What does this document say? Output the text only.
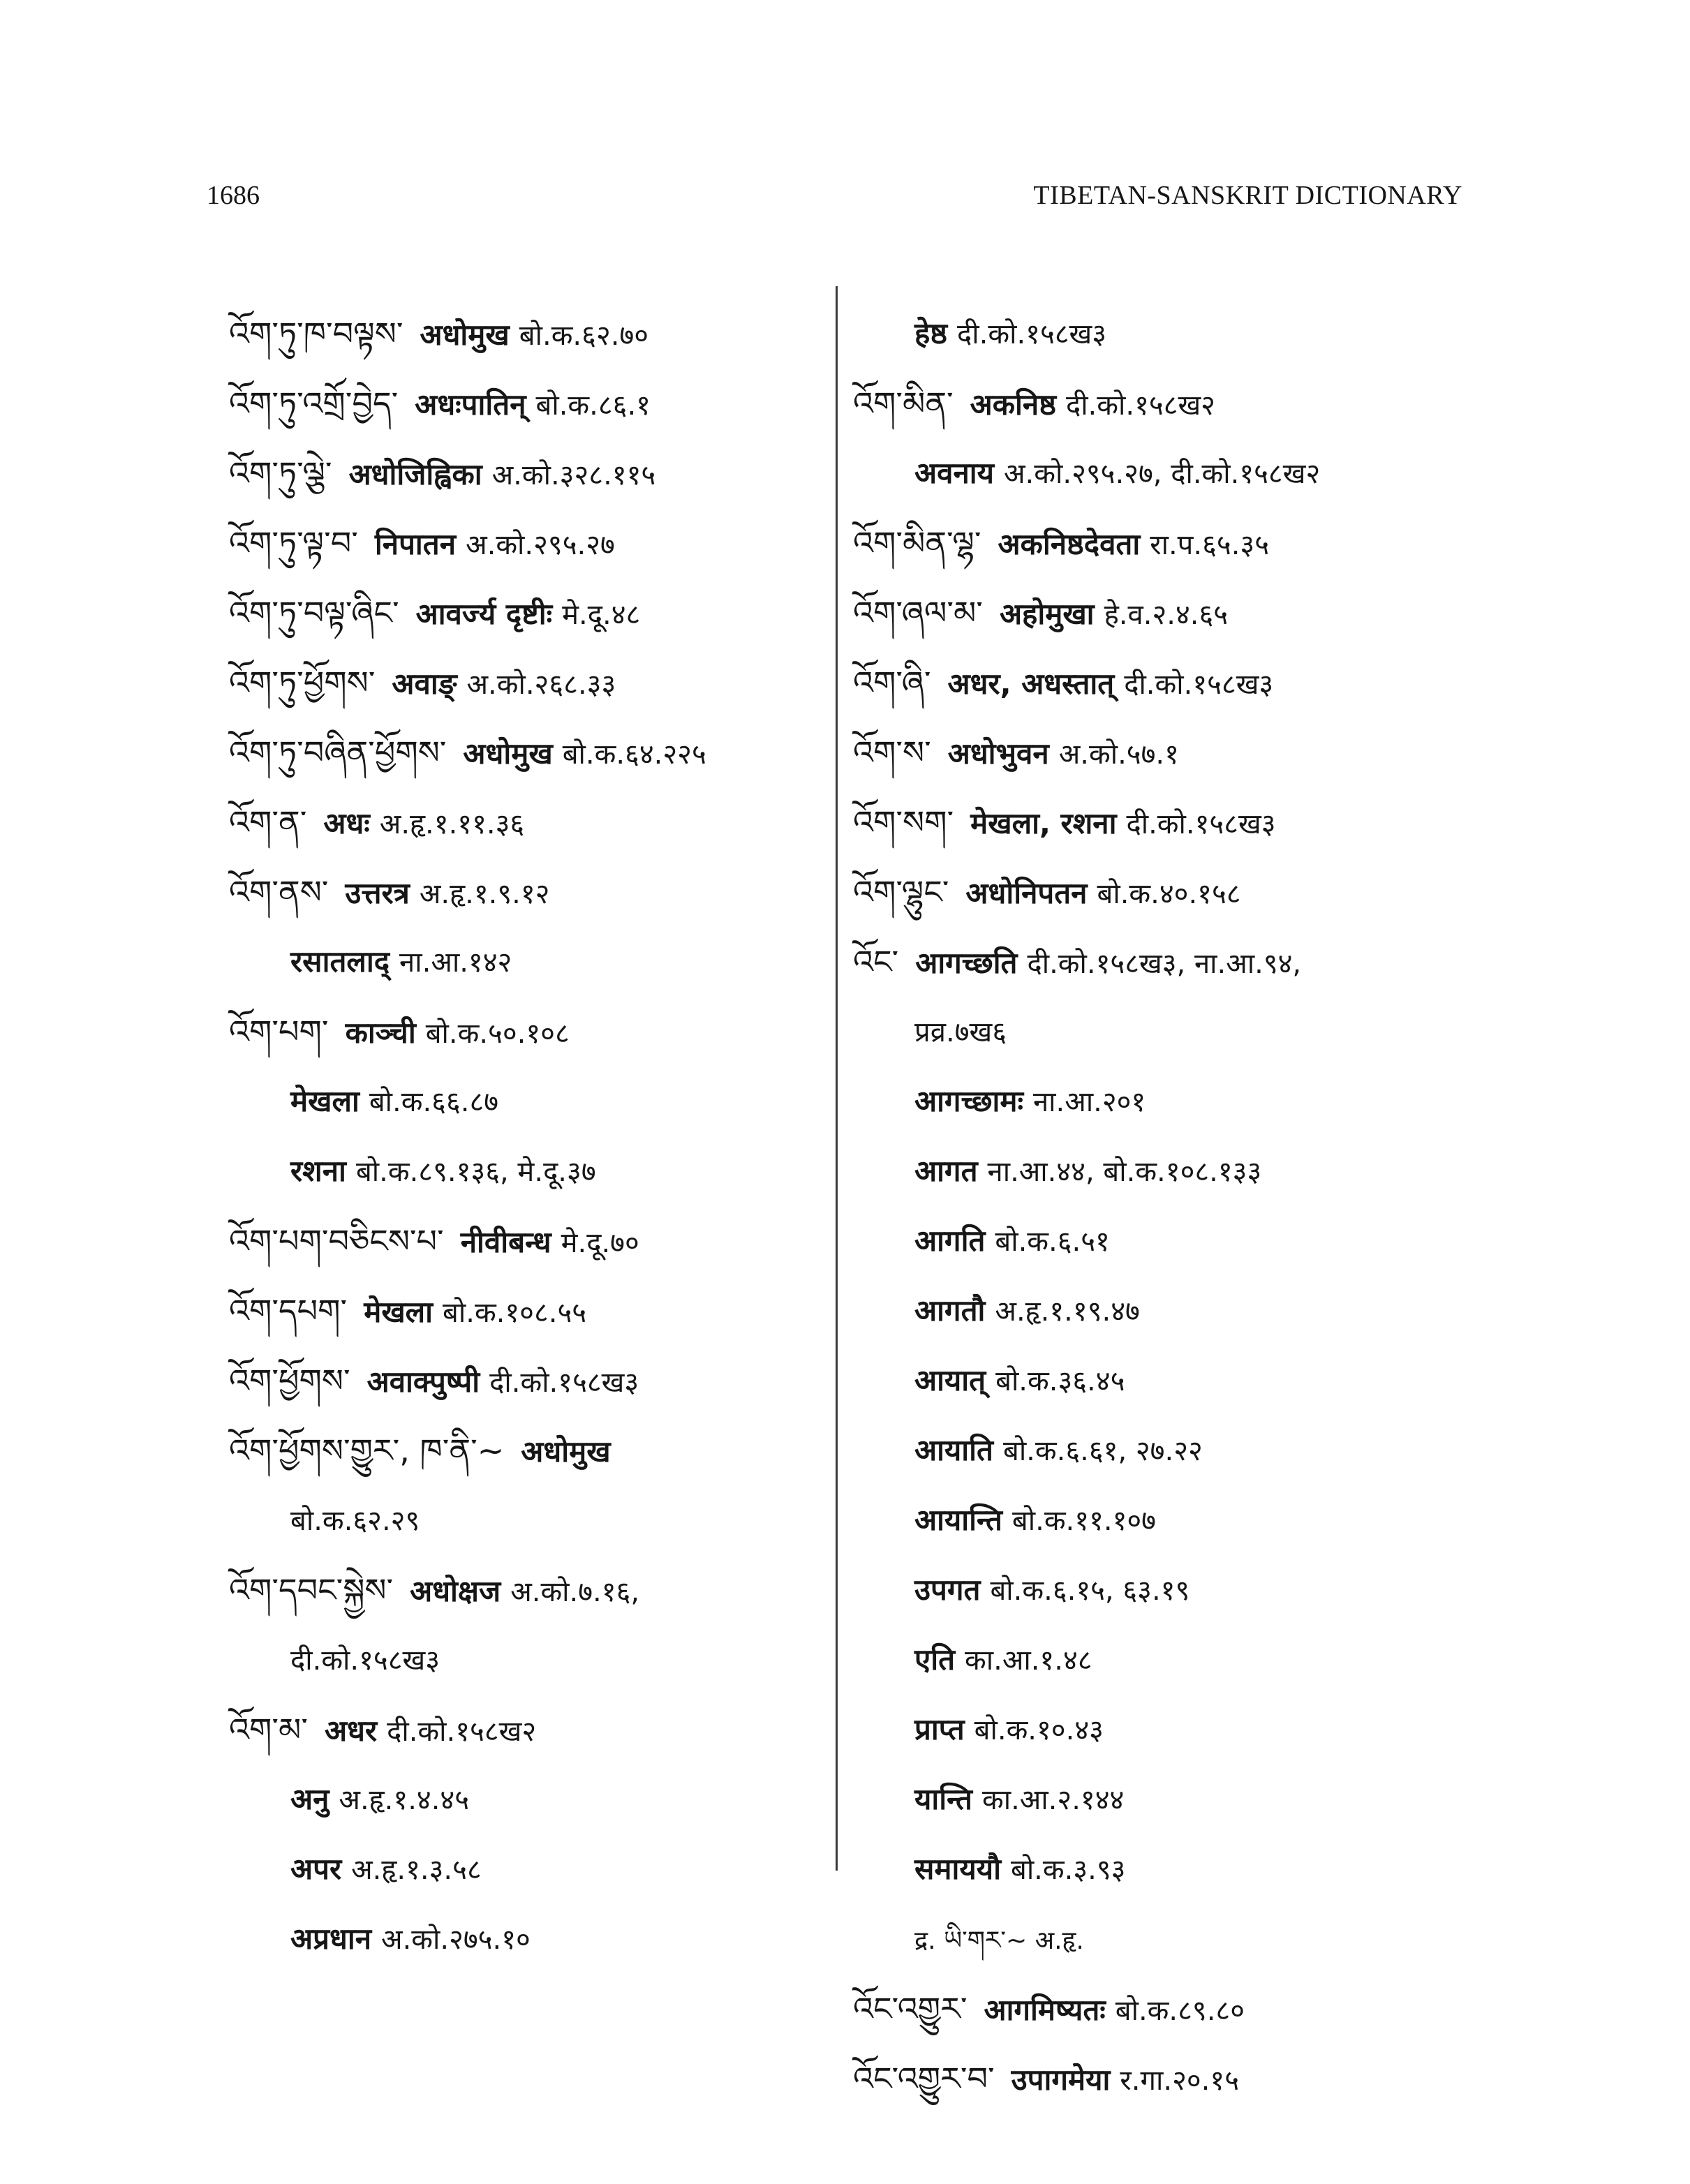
1686	TIBETAN-SANSKRIT DICTIONARY
འོག་ཏུ་ཁ་བལྟས་ अधोमुख बो.क.६२.७०
འོག་ཏུ་འགྲོ་བྱེད་ अधःपातिन् बो.क.८६.१
འོག་ཏུ་ལྕེ་ अधोजिह्विका अ.को.३२८.११५
འོག་ཏུ་ལྟ་བ་ निपातन अ.को.२९५.२७
འོག་ཏུ་བལྟ་ཞིང་ आवर्ज्य दृष्टीः मे.दू.४८
འོག་ཏུ་ཕྱོགས་ अवाङ् अ.को.२६८.३३
འོག་ཏུ་བཞིན་ཕྱོགས་ अधोमुख बो.क.६४.२२५
འོག་ན་ अधः अ.हृ.१.११.३६
འོག་ནས་ उत्तरत्र अ.हृ.१.९.१२
रसातलाद् ना.आ.१४२
འོག་པག་ काञ्ची बो.क.५०.१०८
मेखला बो.क.६६.८७
रशना बो.क.८९.१३६, मे.दू.३७
འོག་པག་བཅིངས་པ་ नीवीबन्ध मे.दू.७०
འོག་དཔག་ मेखला बो.क.१०८.५५
འོག་ཕྱོགས་ अवाक्पुष्पी दी.को.१५८ख३
འོག་ཕྱོགས་གྱུར་, ཁ་ནི་~ अधोमुख
बो.क.६२.२९
འོག་དབང་སྐྱེས་ अधोक्षज अ.को.७.१६,
दी.को.१५८ख३
འོག་མ་ अधर दी.को.१५८ख२
अनु अ.हृ.१.४.४५
अपर अ.हृ.१.३.५८
अप्रधान अ.को.२७५.१०
हेष्ठ दी.को.१५८ख३
འོག་མིན་ अकनिष्ठ दी.को.१५८ख२
अवनाय अ.को.२९५.२७, दी.को.१५८ख२
འོག་མིན་ལྷ་ अकनिष्ठदेवता रा.प.६५.३५
འོག་ཞལ་མ་ अहोमुखा हे.व.२.४.६५
འོག་ཞི་ अधर, अधस्तात् दी.को.१५८ख३
འོག་ས་ अधोभुवन अ.को.५७.१
འོག་སག་ मेखला, रशना दी.को.१५८ख३
འོག་ལྷུང་ अधोनिपतन बो.क.४०.१५८
འོང་ आगच्छति दी.को.१५८ख३, ना.आ.९४,
प्रव्र.७ख६
आगच्छामः ना.आ.२०१
आगत ना.आ.४४, बो.क.१०८.१३३
आगति बो.क.६.५१
आगतौ अ.हृ.१.१९.४७
आयात् बो.क.३६.४५
आयाति बो.क.६.६१, २७.२२
आयान्ति बो.क.११.१०७
उपगत बो.क.६.१५, ६३.१९
एति का.आ.१.४८
प्राप्त बो.क.१०.४३
यान्ति का.आ.२.१४४
समाययौ बो.क.३.९३
द्र. ཡི་གར་~ अ.हृ.
འོང་འགྱུར་ आगमिष्यतः बो.क.८९.८०
འོང་འགྱུར་བ་ उपागमेया र.गा.२०.१५
